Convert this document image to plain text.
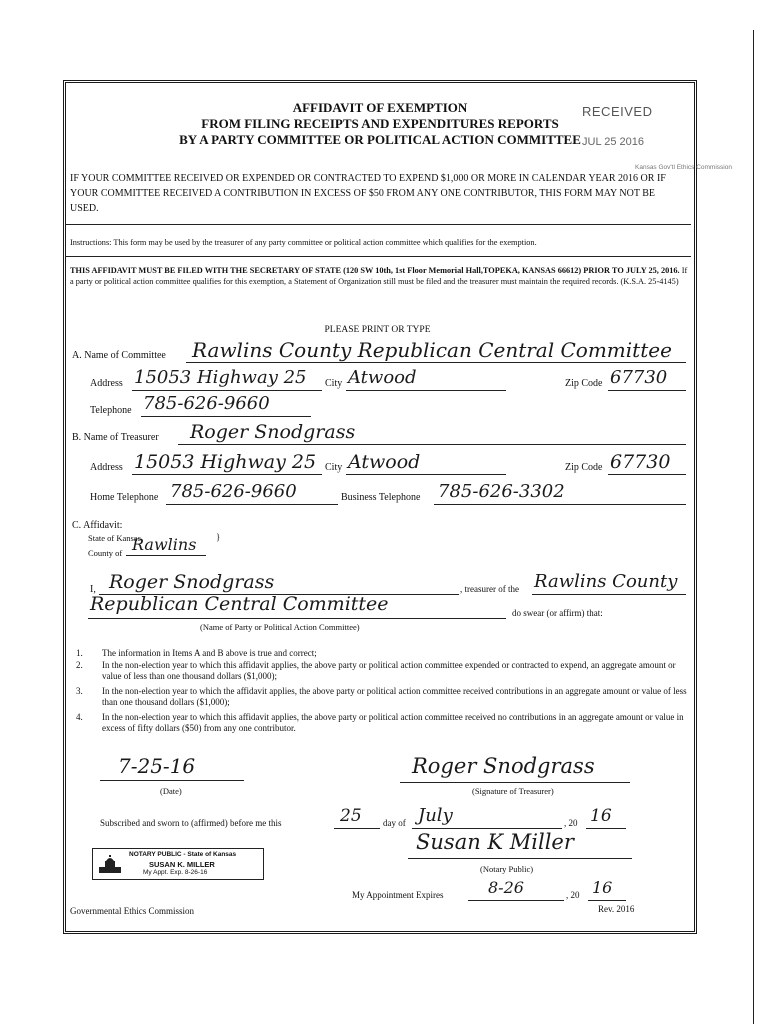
AFFIDAVIT OF EXEMPTION
FROM FILING RECEIPTS AND EXPENDITURES REPORTS
BY A PARTY COMMITTEE OR POLITICAL ACTION COMMITTEE
RECEIVED
JUL 25 2016
Kansas Gov'tl Ethics Commission
IF YOUR COMMITTEE RECEIVED OR EXPENDED OR CONTRACTED TO EXPEND $1,000 OR MORE IN CALENDAR YEAR 2016 OR IF YOUR COMMITTEE RECEIVED A CONTRIBUTION IN EXCESS OF $50 FROM ANY ONE CONTRIBUTOR, THIS FORM MAY NOT BE USED.
Instructions: This form may be used by the treasurer of any party committee or political action committee which qualifies for the exemption.
THIS AFFIDAVIT MUST BE FILED WITH THE SECRETARY OF STATE (120 SW 10th, 1st Floor Memorial Hall,TOPEKA, KANSAS 66612) PRIOR TO JULY 25, 2016. If a party or political action committee qualifies for this exemption, a Statement of Organization still must be filed and the treasurer must maintain the required records. (K.S.A. 25-4145)
PLEASE PRINT OR TYPE
A. Name of Committee Rawlins County Republican Central Committee
Address 15053 Highway 25 City Atwood	Zip Code 67730
Telephone 785-626-9660
B. Name of Treasurer Roger Snodgrass
Address 15053 Highway 25 City Atwood	Zip Code 67730
Home Telephone 785-626-9660	Business Telephone 785-626-3302
C. Affidavit:
State of Kansas
County of Rawlins }
I, Roger Snodgrass	, treasurer of the Rawlins County
Republican Central Committee	do swear (or affirm) that:
(Name of Party or Political Action Committee)
1. The information in Items A and B above is true and correct;
2. In the non-election year to which this affidavit applies, the above party or political action committee expended or contracted to expend, an aggregate amount or value of less than one thousand dollars ($1,000);
3. In the non-election year to which the affidavit applies, the above party or political action committee received contributions in an aggregate amount or value of less than one thousand dollars ($1,000);
4. In the non-election year to which this affidavit applies, the above party or political action committee received no contributions in an aggregate amount or value in excess of fifty dollars ($50) from any one contributor.
7-25-16
(Date)
Roger Snodgrass
(Signature of Treasurer)
Subscribed and sworn to (affirmed) before me this	25 day of July	, 20 16
Susan K Miller
(Notary Public)
NOTARY PUBLIC - State of Kansas
SUSAN K. MILLER
My Appt. Exp. 8-26-16
My Appointment Expires	8-26	, 20 16
Governmental Ethics Commission	Rev. 2016
